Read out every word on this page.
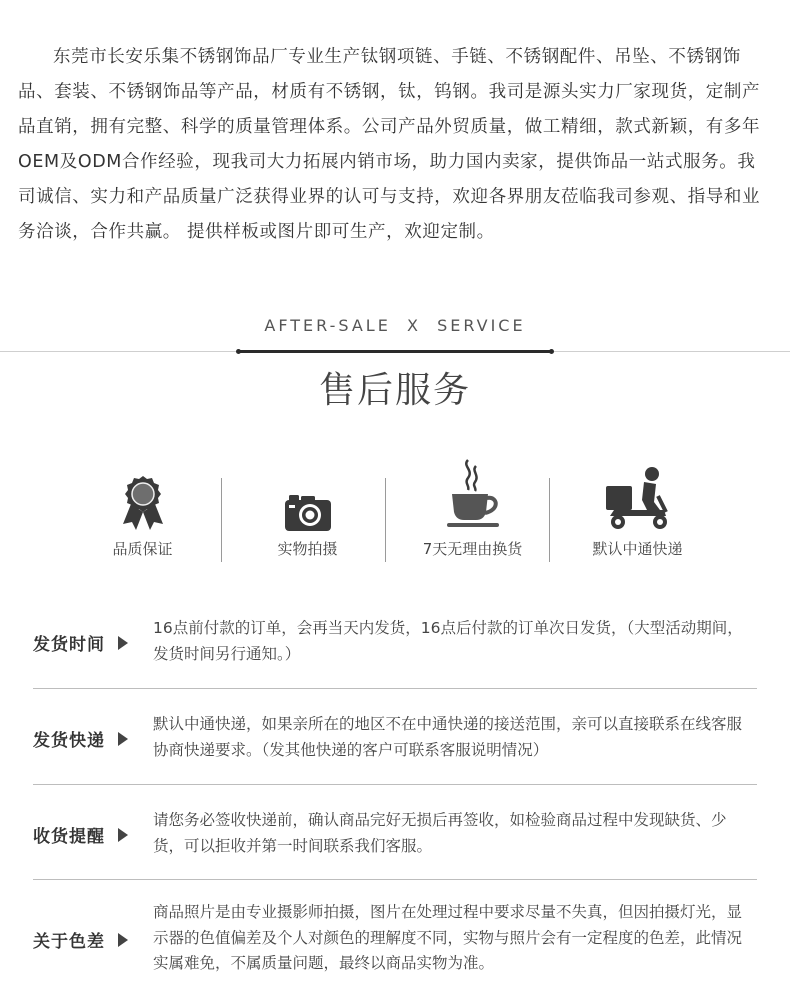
东莞市长安乐集不锈钢饰品厂专业生产钛钢项链、手链、不锈钢配件、吊坠、不锈钢饰品、套装、不锈钢饰品等产品，材质有不锈钢，钛，钨钢。我司是源头实力厂家现货，定制产品直销，拥有完整、科学的质量管理体系。公司产品外贸质量，做工精细，款式新颖，有多年OEM及ODM合作经验，现我司大力拓展内销市场，助力国内卖家，提供饰品一站式服务。我司诚信、实力和产品质量广泛获得业界的认可与支持，欢迎各界朋友莅临我司参观、指导和业务洽谈，合作共赢。 提供样板或图片即可生产，欢迎定制。

AFTER-SALE  X  SERVICE
售后服务
品质保证	实物拍摄	7天无理由换货	默认中通快递
发货时间

16点前付款的订单，会再当天内发货，16点后付款的订单次日发货，（大型活动期间，发货时间另行通知。）

发货快递

默认中通快递，如果亲所在的地区不在中通快递的接送范围，亲可以直接联系在线客服协商快递要求。（发其他快递的客户可联系客服说明情况）

收货提醒

请您务必签收快递前，确认商品完好无损后再签收，如检验商品过程中发现缺货、少货，可以拒收并第一时间联系我们客服。

关于色差

商品照片是由专业摄影师拍摄，图片在处理过程中要求尽量不失真，但因拍摄灯光，显示器的色值偏差及个人对颜色的理解度不同，实物与照片会有一定程度的色差，此情况实属难免，不属质量问题，最终以商品实物为准。
